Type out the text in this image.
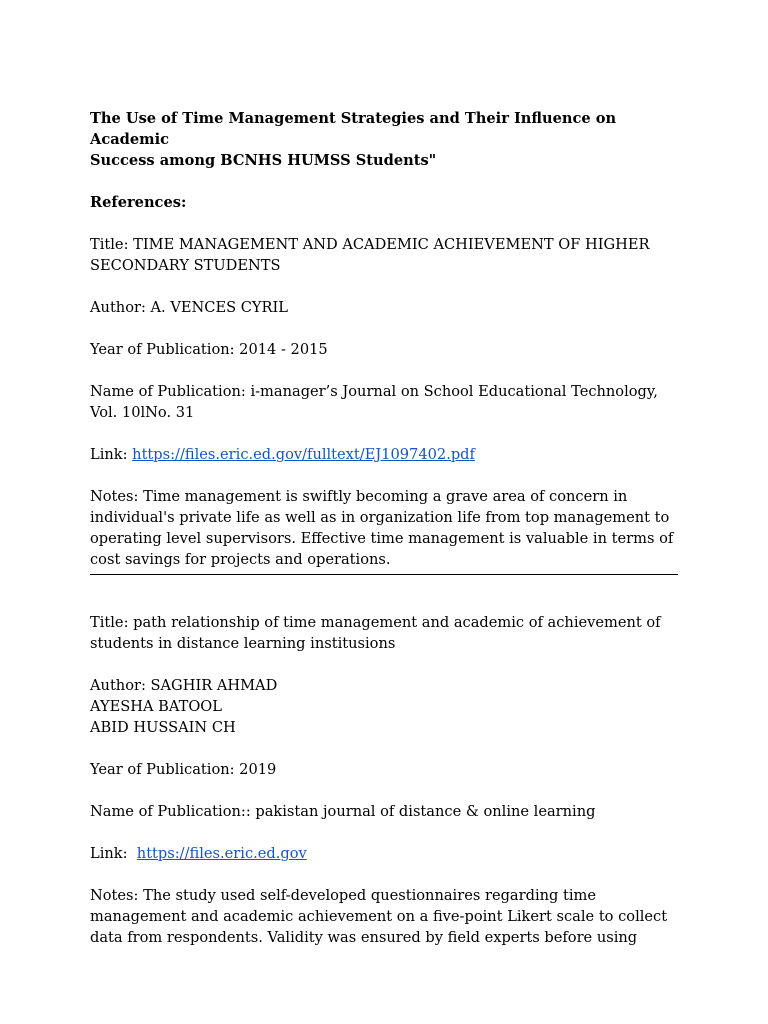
The Use of Time Management Strategies and Their Influence on Academic
Success among BCNHS HUMSS Students"
References:
Title: TIME MANAGEMENT AND ACADEMIC ACHIEVEMENT OF HIGHER
SECONDARY STUDENTS
Author: A. VENCES CYRIL
Year of Publication: 2014 - 2015
Name of Publication: i-manager’s Journal on School Educational Technology,
Vol. 10lNo. 31
Link: https://files.eric.ed.gov/fulltext/EJ1097402.pdf
Notes: Time management is swiftly becoming a grave area of concern in
individual's private life as well as in organization life from top management to
operating level supervisors. Effective time management is valuable in terms of
cost savings for projects and operations.
Title: path relationship of time management and academic of achievement of
students in distance learning institusions
Author: SAGHIR AHMAD
AYESHA BATOOL
ABID HUSSAIN CH
Year of Publication: 2019
Name of Publication:: pakistan journal of distance & online learning
Link:  https://files.eric.ed.gov
Notes: The study used self-developed questionnaires regarding time
management and academic achievement on a five-point Likert scale to collect
data from respondents. Validity was ensured by field experts before using
